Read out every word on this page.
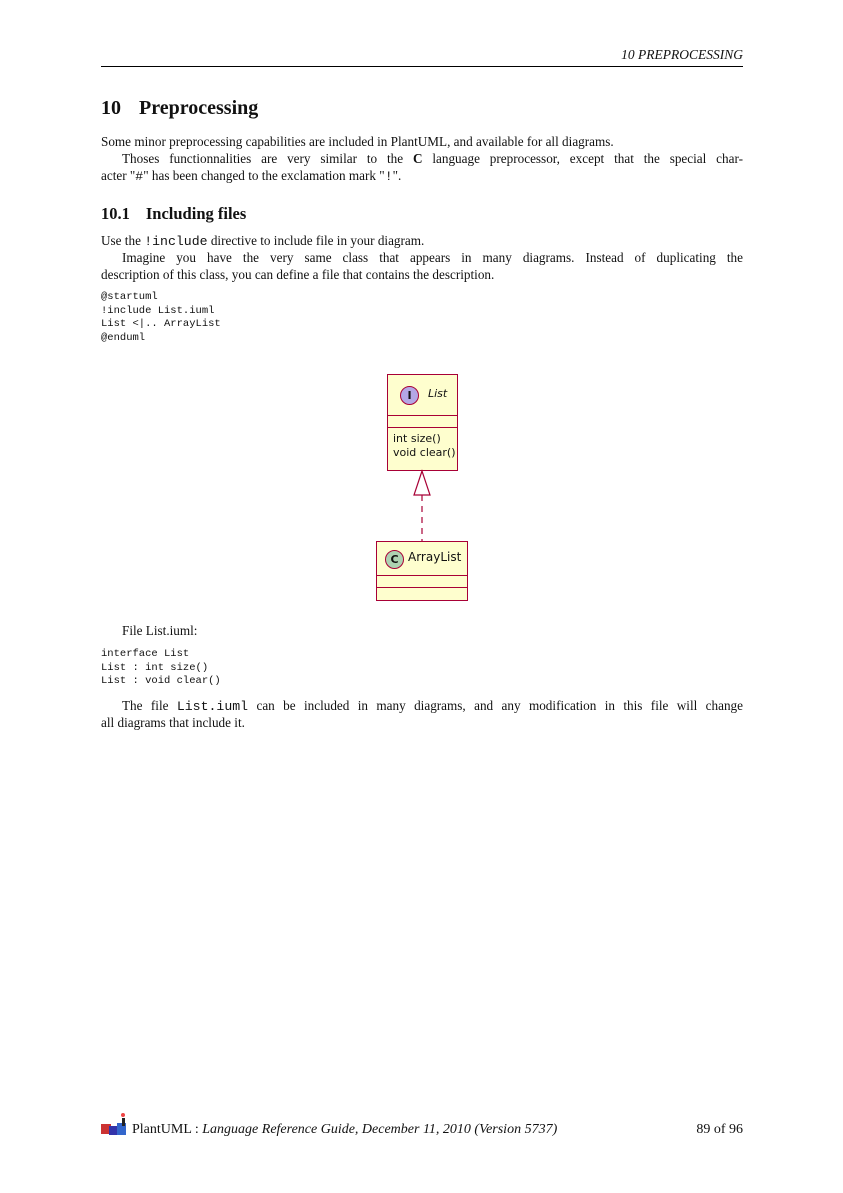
10 PREPROCESSING
10 Preprocessing
Some minor preprocessing capabilities are included in PlantUML, and available for all diagrams.
Thoses functionnalities are very similar to the C language preprocessor, except that the special char-
acter "#" has been changed to the exclamation mark "!".
10.1 Including files
Use the !include directive to include file in your diagram.
Imagine you have the very same class that appears in many diagrams. Instead of duplicating the
description of this class, you can define a file that contains the description.
@startuml
!include List.iuml
List <|.. ArrayList
@enduml
I	List
int size()
void clear()
C ArrayList
File List.iuml:
interface List
List : int size()
List : void clear()
The file List.iuml can be included in many diagrams, and any modification in this file will change
all diagrams that include it.
PlantUML : Language Reference Guide, December 11, 2010 (Version 5737)	89 of 96
